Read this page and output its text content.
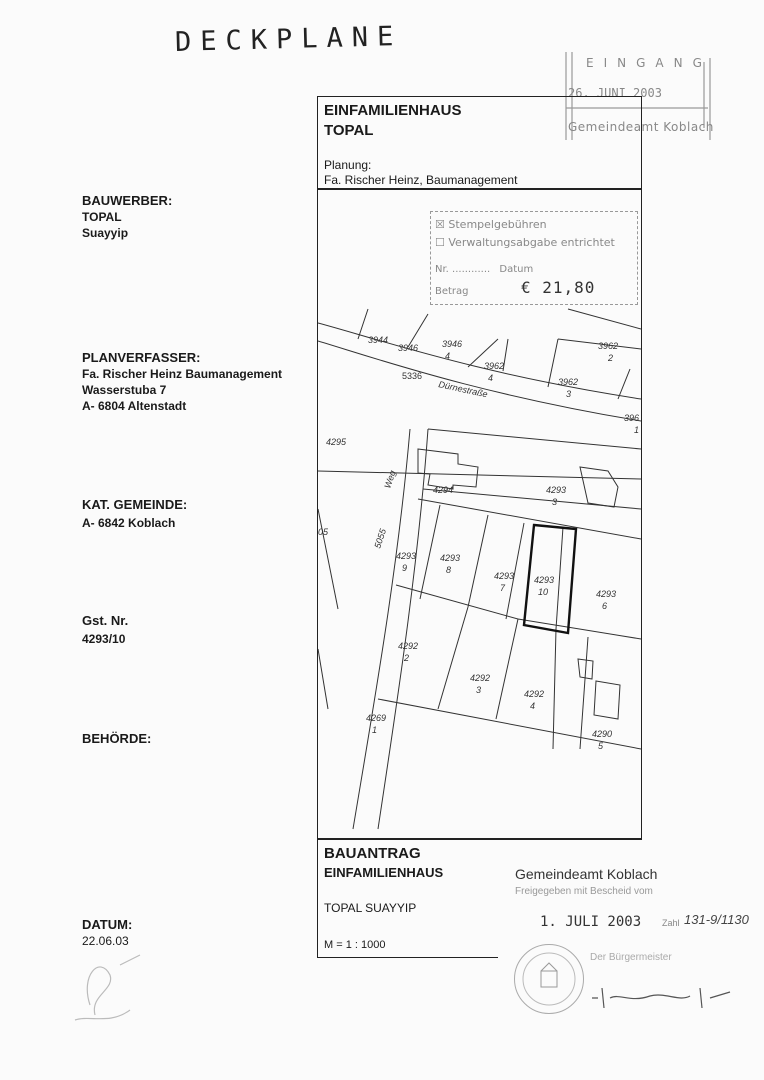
DECKPLANE
EINGANG
26. JUNI 2003
Gemeindeamt Koblach
EINFAMILIENHAUS
TOPAL
Planung:
Fa. Rischer Heinz, Baumanagement
BAUWERBER:
TOPAL
Suayyip
PLANVERFASSER:
Fa. Rischer Heinz Baumanagement
Wasserstuba 7
A- 6804 Altenstadt
KAT. GEMEINDE:
A- 6842 Koblach
Gst. Nr.
4293/10
BEHÖRDE:
DATUM:
22.06.03
5336
Dürnestraße
5055
Weg
3944
3946	3946
4
3962
4
3962
2
3962
3
396
1
4295
4294	4293
3
05
4293
9
4293
8
4293
7
4293
10	4293
6
4292
2
4292
3	4292
4
4269
1	4290
5
☒ Stempelgebühren
☐ Verwaltungsabgabe entrichtet
Nr. ............ Datum
Betrag	€ 21,80
BAUANTRAG
EINFAMILIENHAUS
TOPAL SUAYYIP
M = 1 : 1000
Gemeindeamt Koblach
Freigegeben mit Bescheid vom
1. JULI 2003 Zahl 131-9/1130
Der Bürgermeister
